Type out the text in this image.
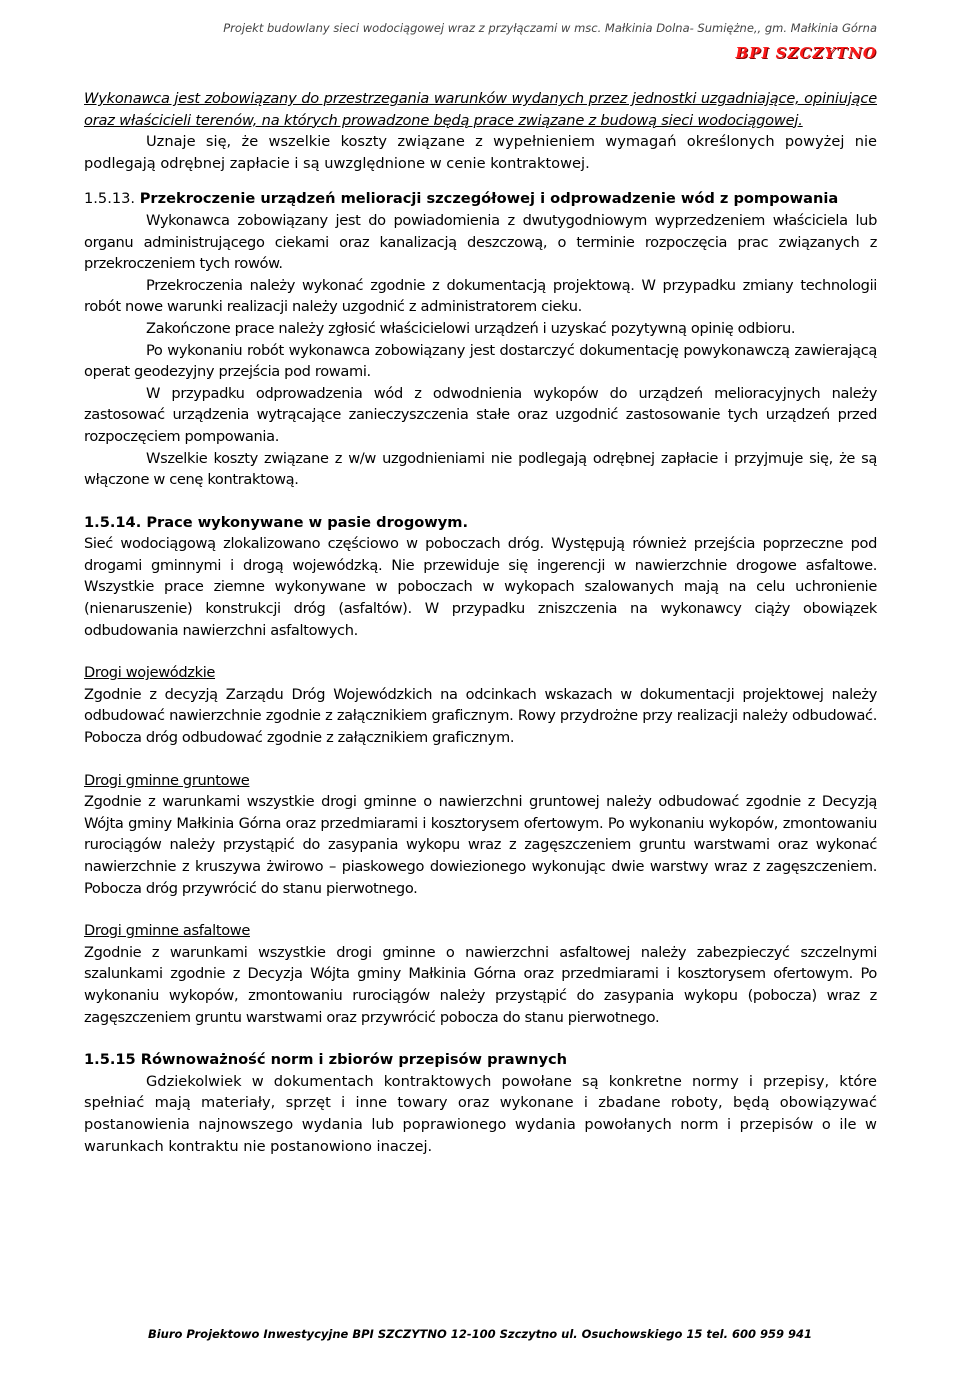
Projekt budowlany sieci wodociągowej wraz z przyłączami w msc. Małkinia Dolna- Sumiężne,, gm. Małkinia Górna
BPI SZCZYTNO

Wykonawca jest zobowiązany do przestrzegania warunków wydanych przez jednostki uzgadniające, opiniujące oraz właścicieli terenów, na których prowadzone będą prace związane z budową sieci wodociągowej.

Uznaje się, że wszelkie koszty związane z wypełnieniem wymagań określonych powyżej nie podlegają odrębnej zapłacie i są uwzględnione w cenie kontraktowej.

1.5.13. Przekroczenie urządzeń melioracji szczegółowej i odprowadzenie wód z pompowania

Wykonawca zobowiązany jest do powiadomienia z dwutygodniowym wyprzedzeniem właściciela lub organu administrującego ciekami oraz kanalizacją deszczową, o terminie rozpoczęcia prac związanych z przekroczeniem tych rowów.

Przekroczenia należy wykonać zgodnie z dokumentacją projektową. W przypadku zmiany technologii robót nowe warunki realizacji należy uzgodnić z administratorem cieku.

Zakończone prace należy zgłosić właścicielowi urządzeń i uzyskać pozytywną opinię odbioru.

Po wykonaniu robót wykonawca zobowiązany jest dostarczyć dokumentację powykonawczą zawierającą operat geodezyjny przejścia pod rowami.

W przypadku odprowadzenia wód z odwodnienia wykopów do urządzeń melioracyjnych należy zastosować urządzenia wytrącające zanieczyszczenia stałe oraz uzgodnić zastosowanie tych urządzeń przed rozpoczęciem pompowania.

Wszelkie koszty związane z w/w uzgodnieniami nie podlegają odrębnej zapłacie i przyjmuje się, że są włączone w cenę kontraktową.

1.5.14. Prace wykonywane w pasie drogowym.

Sieć wodociągową zlokalizowano częściowo w poboczach dróg. Występują również przejścia poprzeczne pod drogami gminnymi i drogą wojewódzką. Nie przewiduje się ingerencji w nawierzchnie drogowe asfaltowe. Wszystkie prace ziemne wykonywane w poboczach w wykopach szalowanych mają na celu uchronienie (nienaruszenie) konstrukcji dróg (asfaltów). W przypadku zniszczenia na wykonawcy ciąży obowiązek odbudowania nawierzchni asfaltowych.

Drogi wojewódzkie

Zgodnie z decyzją Zarządu Dróg Wojewódzkich na odcinkach wskazach w dokumentacji projektowej należy odbudować nawierzchnie zgodnie z załącznikiem graficznym. Rowy przydrożne przy realizacji należy odbudować. Pobocza dróg odbudować zgodnie z załącznikiem graficznym.

Drogi gminne gruntowe

Zgodnie z warunkami wszystkie drogi gminne o nawierzchni gruntowej należy odbudować zgodnie z Decyzją Wójta gminy Małkinia Górna oraz przedmiarami i kosztorysem ofertowym. Po wykonaniu wykopów, zmontowaniu rurociągów należy przystąpić do zasypania wykopu wraz z zagęszczeniem gruntu warstwami oraz wykonać nawierzchnie z kruszywa żwirowo – piaskowego dowiezionego wykonując dwie warstwy wraz z zagęszczeniem. Pobocza dróg przywrócić do stanu pierwotnego.

Drogi gminne asfaltowe

Zgodnie z warunkami wszystkie drogi gminne o nawierzchni asfaltowej należy zabezpieczyć szczelnymi szalunkami zgodnie z Decyzja Wójta gminy Małkinia Górna oraz przedmiarami i kosztorysem ofertowym. Po wykonaniu wykopów, zmontowaniu rurociągów należy przystąpić do zasypania wykopu (pobocza) wraz z zagęszczeniem gruntu warstwami oraz przywrócić pobocza do stanu pierwotnego.

1.5.15 Równoważność norm i zbiorów przepisów prawnych

Gdziekolwiek w dokumentach kontraktowych powołane są konkretne normy i przepisy, które spełniać mają materiały, sprzęt i inne towary oraz wykonane i zbadane roboty, będą obowiązywać postanowienia najnowszego wydania lub poprawionego wydania powołanych norm i przepisów o ile w warunkach kontraktu nie postanowiono inaczej.

Biuro Projektowo Inwestycyjne BPI SZCZYTNO 12-100 Szczytno ul. Osuchowskiego 15 tel. 600 959 941
